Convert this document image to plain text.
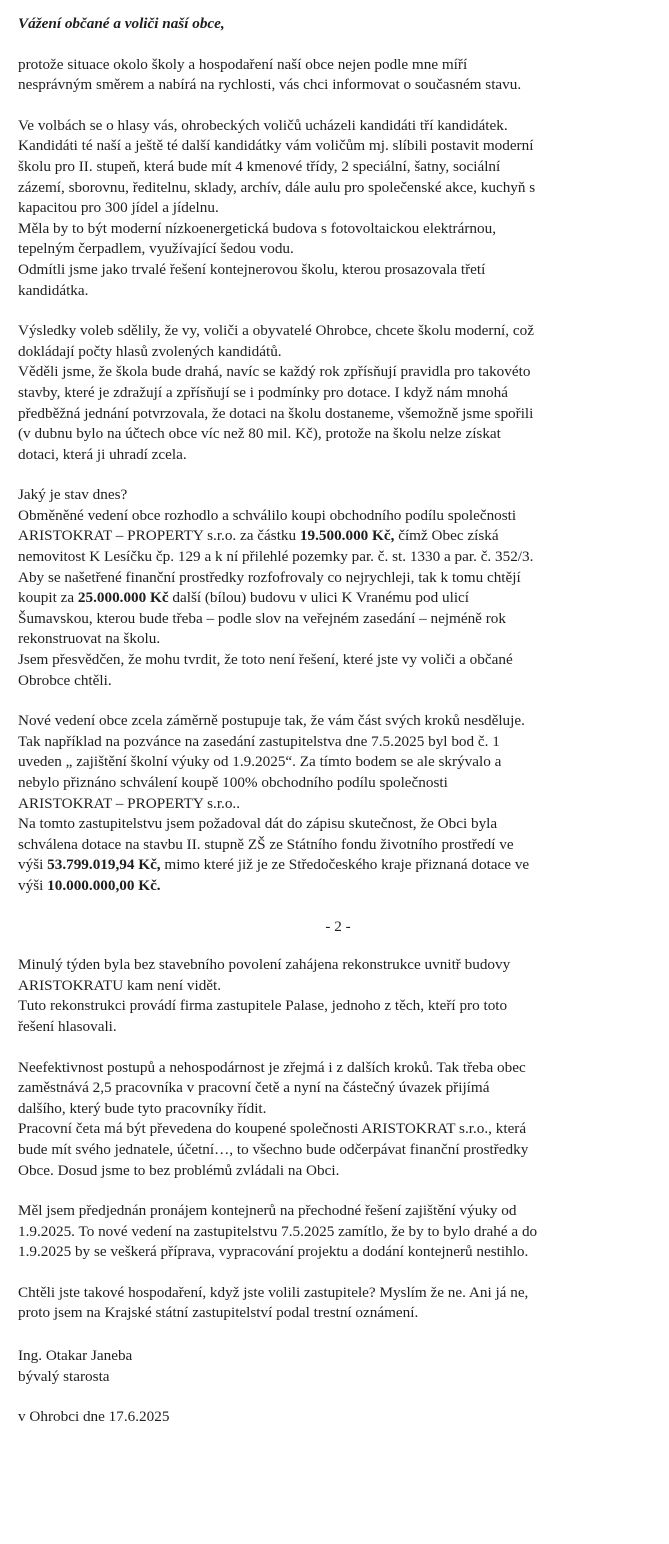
Vážení občané a voliči naší obce,

protože situace okolo školy a hospodaření naší obce nejen podle mne míří
nesprávným směrem a nabírá na rychlosti, vás chci informovat o současném stavu.

Ve volbách se o hlasy vás, ohrobeckých voličů ucházeli kandidáti tří kandidátek.
Kandidáti té naší a ještě té další kandidátky vám voličům mj. slíbili postavit moderní
školu pro II. stupeň, která bude mít 4 kmenové třídy, 2 speciální, šatny, sociální
zázemí, sborovnu, ředitelnu, sklady, archív, dále aulu pro společenské akce, kuchyň s
kapacitou pro 300 jídel a jídelnu.
Měla by to být moderní nízkoenergetická budova s fotovoltaickou elektrárnou,
tepelným čerpadlem, využívající šedou vodu.
Odmítli jsme jako trvalé řešení kontejnerovou školu, kterou prosazovala třetí
kandidátka.

Výsledky voleb sdělily, že vy, voliči a obyvatelé Ohrobce, chcete školu moderní, což
dokládají počty hlasů zvolených kandidátů.
Věděli jsme, že škola bude drahá, navíc se každý rok zpřísňují pravidla pro takovéto
stavby, které je zdražují a zpřísňují se i podmínky pro dotace. I když nám mnohá
předběžná jednání potvrzovala, že dotaci na školu dostaneme, všemožně jsme spořili
(v dubnu bylo na účtech obce víc než 80 mil. Kč), protože na školu nelze získat
dotaci, která ji uhradí zcela.

Jaký je stav dnes?
Obměněné vedení obce rozhodlo a schválilo koupi obchodního podílu společnosti
ARISTOKRAT – PROPERTY s.r.o. za částku 19.500.000 Kč, čímž Obec získá
nemovitost K Lesíčku čp. 129 a k ní přilehlé pozemky par. č. st. 1330 a par. č. 352/3.
Aby se našetřené finanční prostředky rozfofrovaly co nejrychleji, tak k tomu chtějí
koupit za 25.000.000 Kč další (bílou) budovu v ulici K Vranému pod ulicí
Šumavskou, kterou bude třeba – podle slov na veřejném zasedání – nejméně rok
rekonstruovat na školu.
Jsem přesvědčen, že mohu tvrdit, že toto není řešení, které jste vy voliči a občané
Obrobce chtěli.

Nové vedení obce zcela záměrně postupuje tak, že vám část svých kroků nesděluje.
Tak například na pozvánce na zasedání zastupitelstva dne 7.5.2025 byl bod č. 1
uveden „ zajištění školní výuky od 1.9.2025“. Za tímto bodem se ale skrývalo a
nebylo přiznáno schválení koupě 100% obchodního podílu společnosti
ARISTOKRAT – PROPERTY s.r.o..
Na tomto zastupitelstvu jsem požadoval dát do zápisu skutečnost, že Obci byla
schválena dotace na stavbu II. stupně ZŠ ze Státního fondu životního prostředí ve
výši 53.799.019,94 Kč, mimo které již je ze Středočeského kraje přiznaná dotace ve
výši 10.000.000,00 Kč.

- 2 -

Minulý týden byla bez stavebního povolení zahájena rekonstrukce uvnitř budovy
ARISTOKRATU kam není vidět.
Tuto rekonstrukci provádí firma zastupitele Palase, jednoho z těch, kteří pro toto
řešení hlasovali.

Neefektivnost postupů a nehospodárnost je zřejmá i z dalších kroků. Tak třeba obec
zaměstnává 2,5 pracovníka v pracovní četě a nyní na částečný úvazek přijímá
dalšího, který bude tyto pracovníky řídit.
Pracovní četa má být převedena do koupené společnosti ARISTOKRAT s.r.o., která
bude mít svého jednatele, účetní…, to všechno bude odčerpávat finanční prostředky
Obce. Dosud jsme to bez problémů zvládali na Obci.

Měl jsem předjednán pronájem kontejnerů na přechodné řešení zajištění výuky od
1.9.2025. To nové vedení na zastupitelstvu 7.5.2025 zamítlo, že by to bylo drahé a do
1.9.2025 by se veškerá příprava, vypracování projektu a dodání kontejnerů nestihlo.

Chtěli jste takové hospodaření, když jste volili zastupitele? Myslím že ne. Ani já ne,
proto jsem na Krajské státní zastupitelství podal trestní oznámení.

Ing. Otakar Janeba
bývalý starosta

v Ohrobci dne 17.6.2025
